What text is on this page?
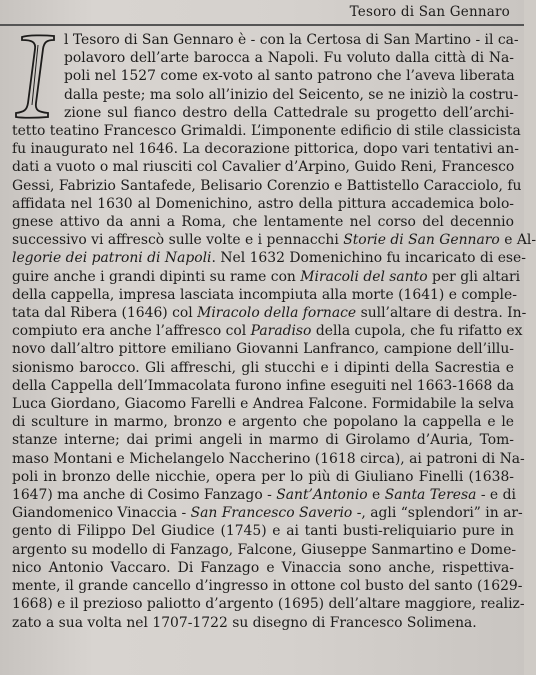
Tesoro di San Gennaro
l Tesoro di San Gennaro è - con la Certosa di San Martino - il ca-
polavoro dell’arte barocca a Napoli. Fu voluto dalla città di Na-
poli nel 1527 come ex-voto al santo patrono che l’aveva liberata
dalla peste; ma solo all’inizio del Seicento, se ne iniziò la costru-
zione sul fianco destro della Cattedrale su progetto dell’archi-
tetto teatino Francesco Grimaldi. L’imponente edificio di stile classicista
fu inaugurato nel 1646. La decorazione pittorica, dopo vari tentativi an-
dati a vuoto o mal riusciti col Cavalier d’Arpino, Guido Reni, Francesco
Gessi, Fabrizio Santafede, Belisario Corenzio e Battistello Caracciolo, fu
affidata nel 1630 al Domenichino, astro della pittura accademica bolo-
gnese attivo da anni a Roma, che lentamente nel corso del decennio
successivo vi affrescò sulle volte e i pennacchi Storie di San Gennaro e Al-
legorie dei patroni di Napoli. Nel 1632 Domenichino fu incaricato di ese-
guire anche i grandi dipinti su rame con Miracoli del santo per gli altari
della cappella, impresa lasciata incompiuta alla morte (1641) e comple-
tata dal Ribera (1646) col Miracolo della fornace sull’altare di destra. In-
compiuto era anche l’affresco col Paradiso della cupola, che fu rifatto ex
novo dall’altro pittore emiliano Giovanni Lanfranco, campione dell’illu-
sionismo barocco. Gli affreschi, gli stucchi e i dipinti della Sacrestia e
della Cappella dell’Immacolata furono infine eseguiti nel 1663-1668 da
Luca Giordano, Giacomo Farelli e Andrea Falcone. Formidabile la selva
di sculture in marmo, bronzo e argento che popolano la cappella e le
stanze interne; dai primi angeli in marmo di Girolamo d’Auria, Tom-
maso Montani e Michelangelo Naccherino (1618 circa), ai patroni di Na-
poli in bronzo delle nicchie, opera per lo più di Giuliano Finelli (1638-
1647) ma anche di Cosimo Fanzago - Sant’Antonio e Santa Teresa - e di
Giandomenico Vinaccia - San Francesco Saverio -, agli “splendori” in ar-
gento di Filippo Del Giudice (1745) e ai tanti busti-reliquiario pure in
argento su modello di Fanzago, Falcone, Giuseppe Sanmartino e Dome-
nico Antonio Vaccaro. Di Fanzago e Vinaccia sono anche, rispettiva-
mente, il grande cancello d’ingresso in ottone col busto del santo (1629-
1668) e il prezioso paliotto d’argento (1695) dell’altare maggiore, realiz-
zato a sua volta nel 1707-1722 su disegno di Francesco Solimena.
